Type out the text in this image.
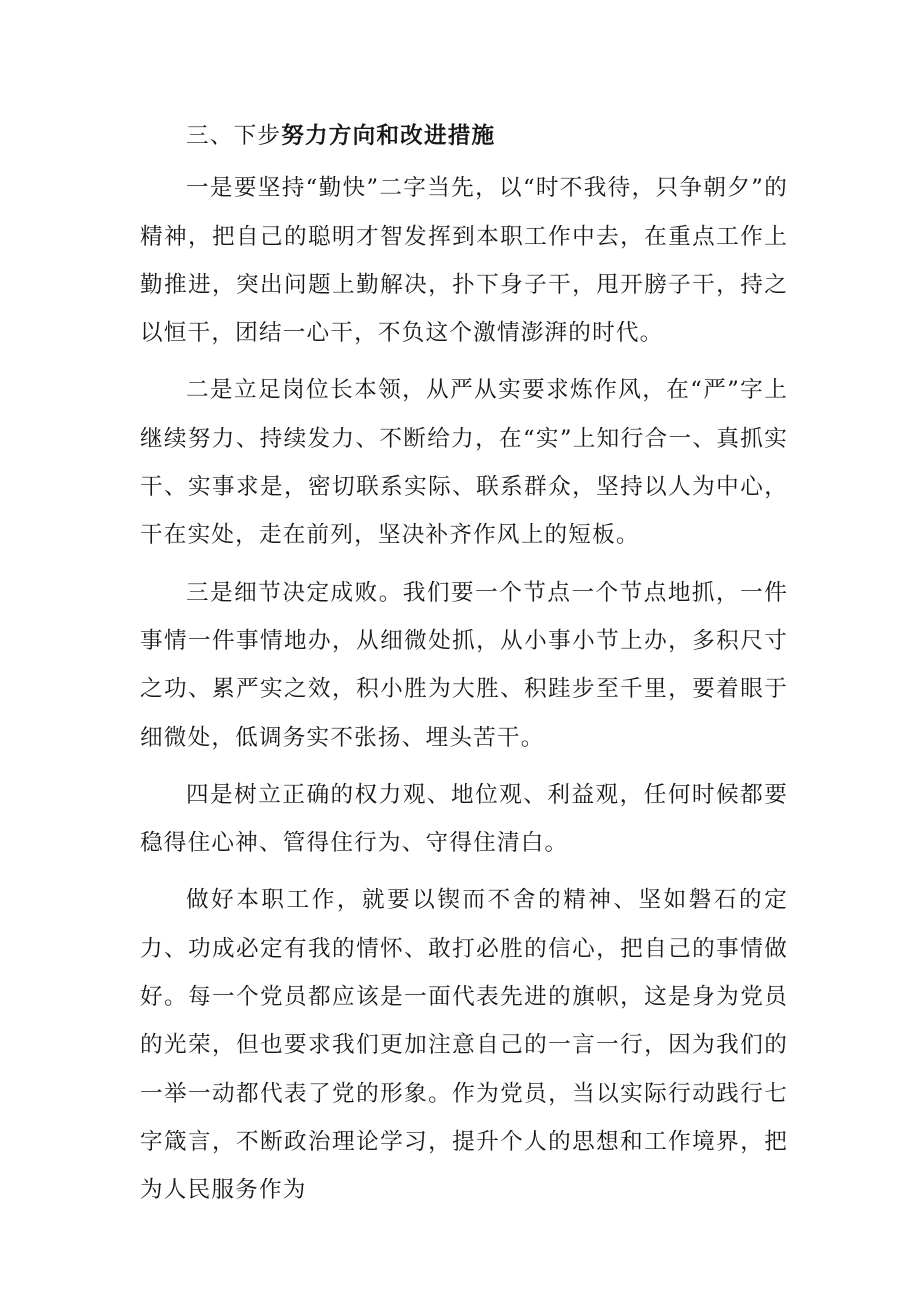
三、下步努力方向和改进措施

一是要坚持“勤快”二字当先，以“时不我待，只争朝夕”的精神，把自己的聪明才智发挥到本职工作中去，在重点工作上勤推进，突出问题上勤解决，扑下身子干，甩开膀子干，持之以恒干，团结一心干，不负这个激情澎湃的时代。

二是立足岗位长本领，从严从实要求炼作风，在“严”字上继续努力、持续发力、不断给力，在“实”上知行合一、真抓实干、实事求是，密切联系实际、联系群众，坚持以人为中心，干在实处，走在前列，坚决补齐作风上的短板。

三是细节决定成败。我们要一个节点一个节点地抓，一件事情一件事情地办，从细微处抓，从小事小节上办，多积尺寸之功、累严实之效，积小胜为大胜、积跬步至千里，要着眼于细微处，低调务实不张扬、埋头苦干。

四是树立正确的权力观、地位观、利益观，任何时候都要稳得住心神、管得住行为、守得住清白。

做好本职工作，就要以锲而不舍的精神、坚如磐石的定力、功成必定有我的情怀、敢打必胜的信心，把自己的事情做好。每一个党员都应该是一面代表先进的旗帜，这是身为党员的光荣，但也要求我们更加注意自己的一言一行，因为我们的一举一动都代表了党的形象。作为党员，当以实际行动践行七字箴言，不断政治理论学习，提升个人的思想和工作境界，把为人民服务作为
